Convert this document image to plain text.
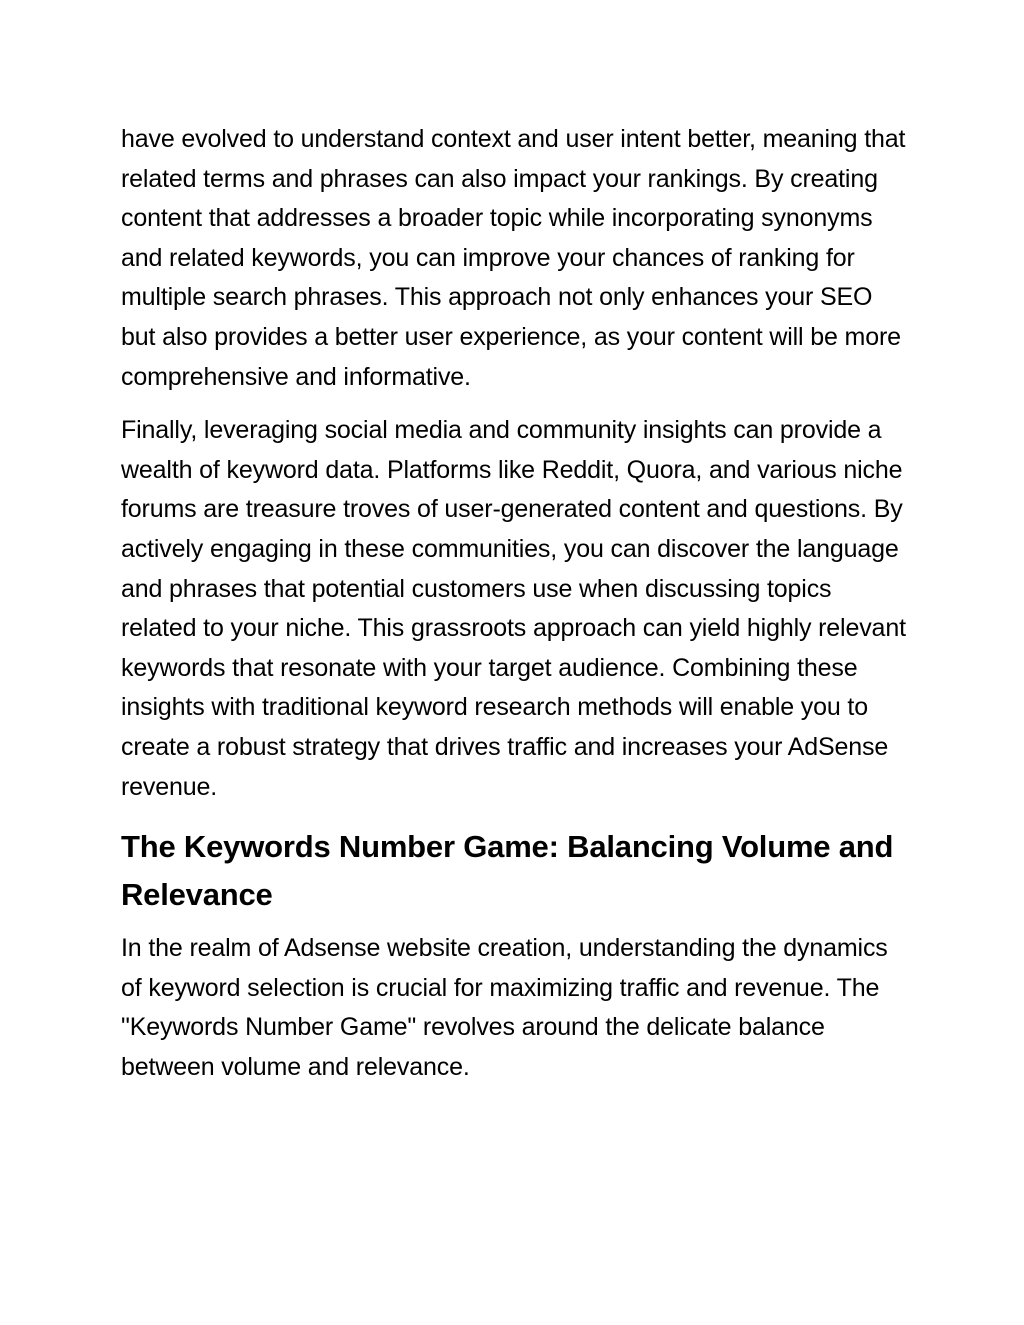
have evolved to understand context and user intent better, meaning that related terms and phrases can also impact your rankings. By creating content that addresses a broader topic while incorporating synonyms and related keywords, you can improve your chances of ranking for multiple search phrases. This approach not only enhances your SEO but also provides a better user experience, as your content will be more comprehensive and informative.

Finally, leveraging social media and community insights can provide a wealth of keyword data. Platforms like Reddit, Quora, and various niche forums are treasure troves of user-generated content and questions. By actively engaging in these communities, you can discover the language and phrases that potential customers use when discussing topics related to your niche. This grassroots approach can yield highly relevant keywords that resonate with your target audience. Combining these insights with traditional keyword research methods will enable you to create a robust strategy that drives traffic and increases your AdSense revenue.

The Keywords Number Game: Balancing Volume and Relevance

In the realm of Adsense website creation, understanding the dynamics of keyword selection is crucial for maximizing traffic and revenue. The "Keywords Number Game" revolves around the delicate balance between volume and relevance.
